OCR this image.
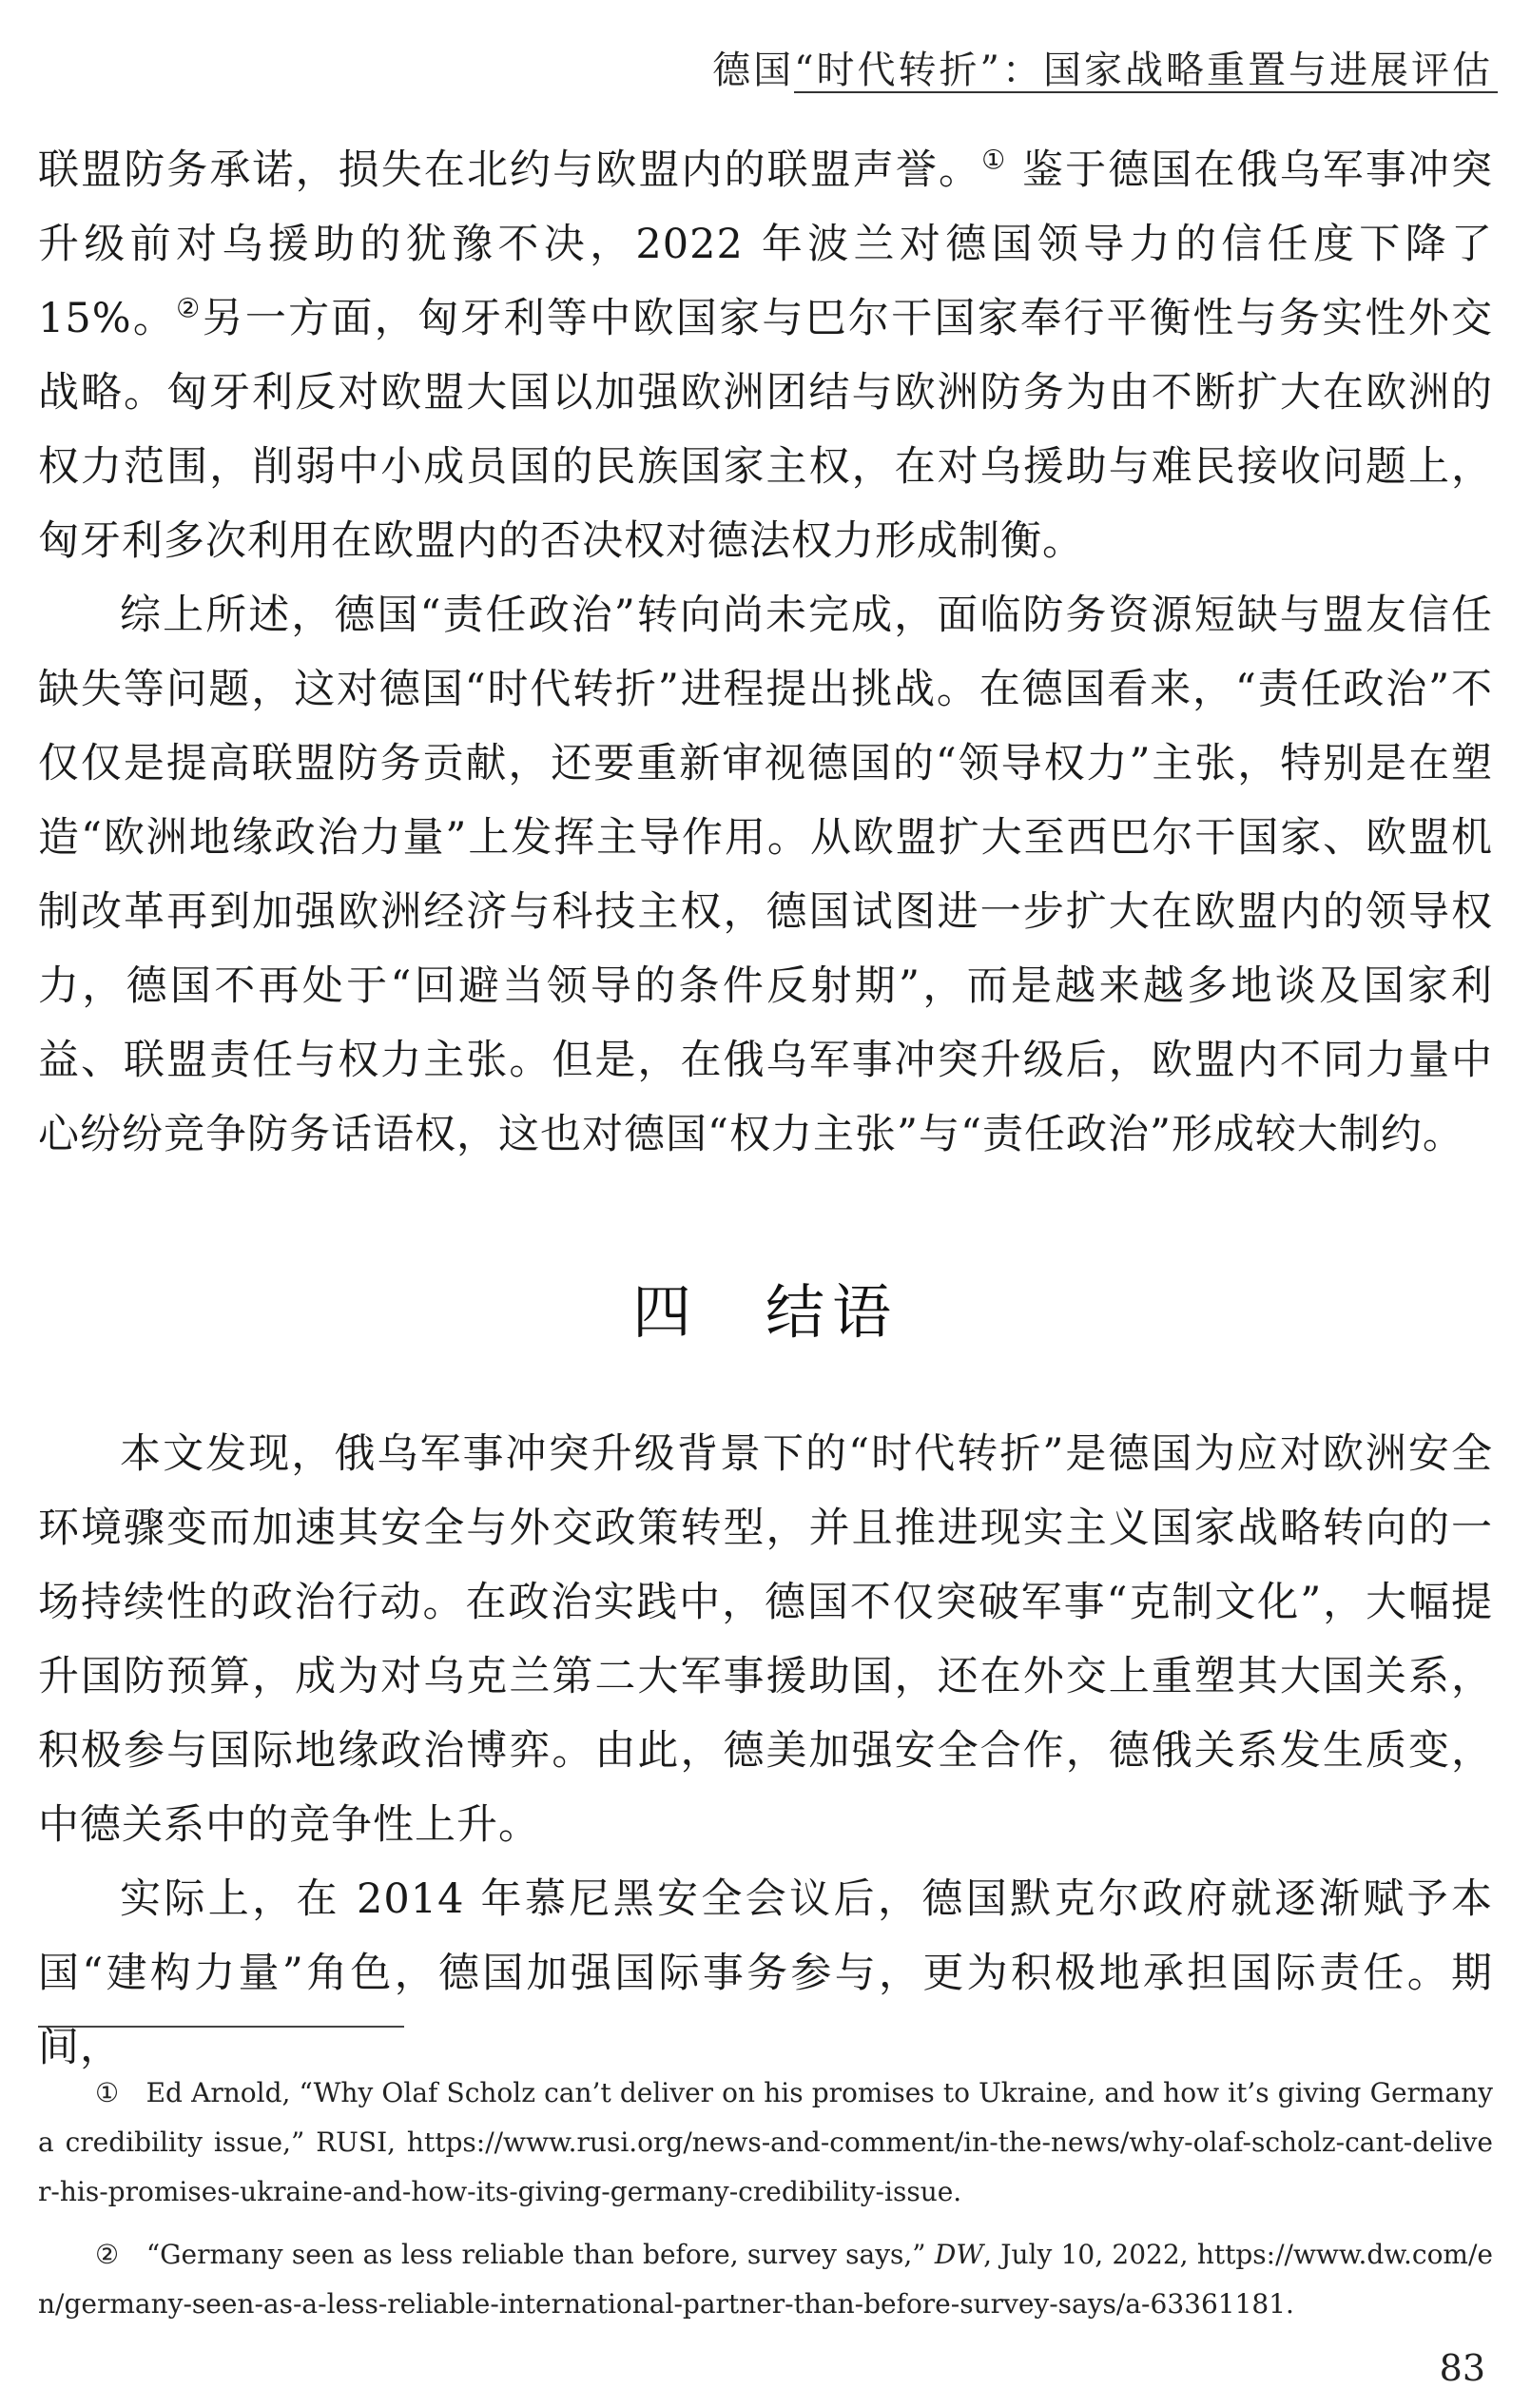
德国“时代转折”：国家战略重置与进展评估

联盟防务承诺，损失在北约与欧盟内的联盟声誉。① 鉴于德国在俄乌军事冲突升级前对乌援助的犹豫不决，2022 年波兰对德国领导力的信任度下降了 15%。②另一方面，匈牙利等中欧国家与巴尔干国家奉行平衡性与务实性外交战略。匈牙利反对欧盟大国以加强欧洲团结与欧洲防务为由不断扩大在欧洲的权力范围，削弱中小成员国的民族国家主权，在对乌援助与难民接收问题上，匈牙利多次利用在欧盟内的否决权对德法权力形成制衡。

综上所述，德国“责任政治”转向尚未完成，面临防务资源短缺与盟友信任缺失等问题，这对德国“时代转折”进程提出挑战。在德国看来，“责任政治”不仅仅是提高联盟防务贡献，还要重新审视德国的“领导权力”主张，特别是在塑造“欧洲地缘政治力量”上发挥主导作用。从欧盟扩大至西巴尔干国家、欧盟机制改革再到加强欧洲经济与科技主权，德国试图进一步扩大在欧盟内的领导权力，德国不再处于“回避当领导的条件反射期”，而是越来越多地谈及国家利益、联盟责任与权力主张。但是，在俄乌军事冲突升级后，欧盟内不同力量中心纷纷竞争防务话语权，这也对德国“权力主张”与“责任政治”形成较大制约。

四　结语

本文发现，俄乌军事冲突升级背景下的“时代转折”是德国为应对欧洲安全环境骤变而加速其安全与外交政策转型，并且推进现实主义国家战略转向的一场持续性的政治行动。在政治实践中，德国不仅突破军事“克制文化”，大幅提升国防预算，成为对乌克兰第二大军事援助国，还在外交上重塑其大国关系，积极参与国际地缘政治博弈。由此，德美加强安全合作，德俄关系发生质变，中德关系中的竞争性上升。

实际上，在 2014 年慕尼黑安全会议后，德国默克尔政府就逐渐赋予本国“建构力量”角色，德国加强国际事务参与，更为积极地承担国际责任。期间，

①　Ed Arnold, “Why Olaf Scholz can’t deliver on his promises to Ukraine, and how it’s giving Germany a credibility issue,” RUSI, https://www.rusi.org/news-and-comment/in-the-news/why-olaf-scholz-cant-deliver-his-promises-ukraine-and-how-its-giving-germany-credibility-issue.

②　“Germany seen as less reliable than before, survey says,” DW, July 10, 2022, https://www.dw.com/en/germany-seen-as-a-less-reliable-international-partner-than-before-survey-says/a-63361181.

83
